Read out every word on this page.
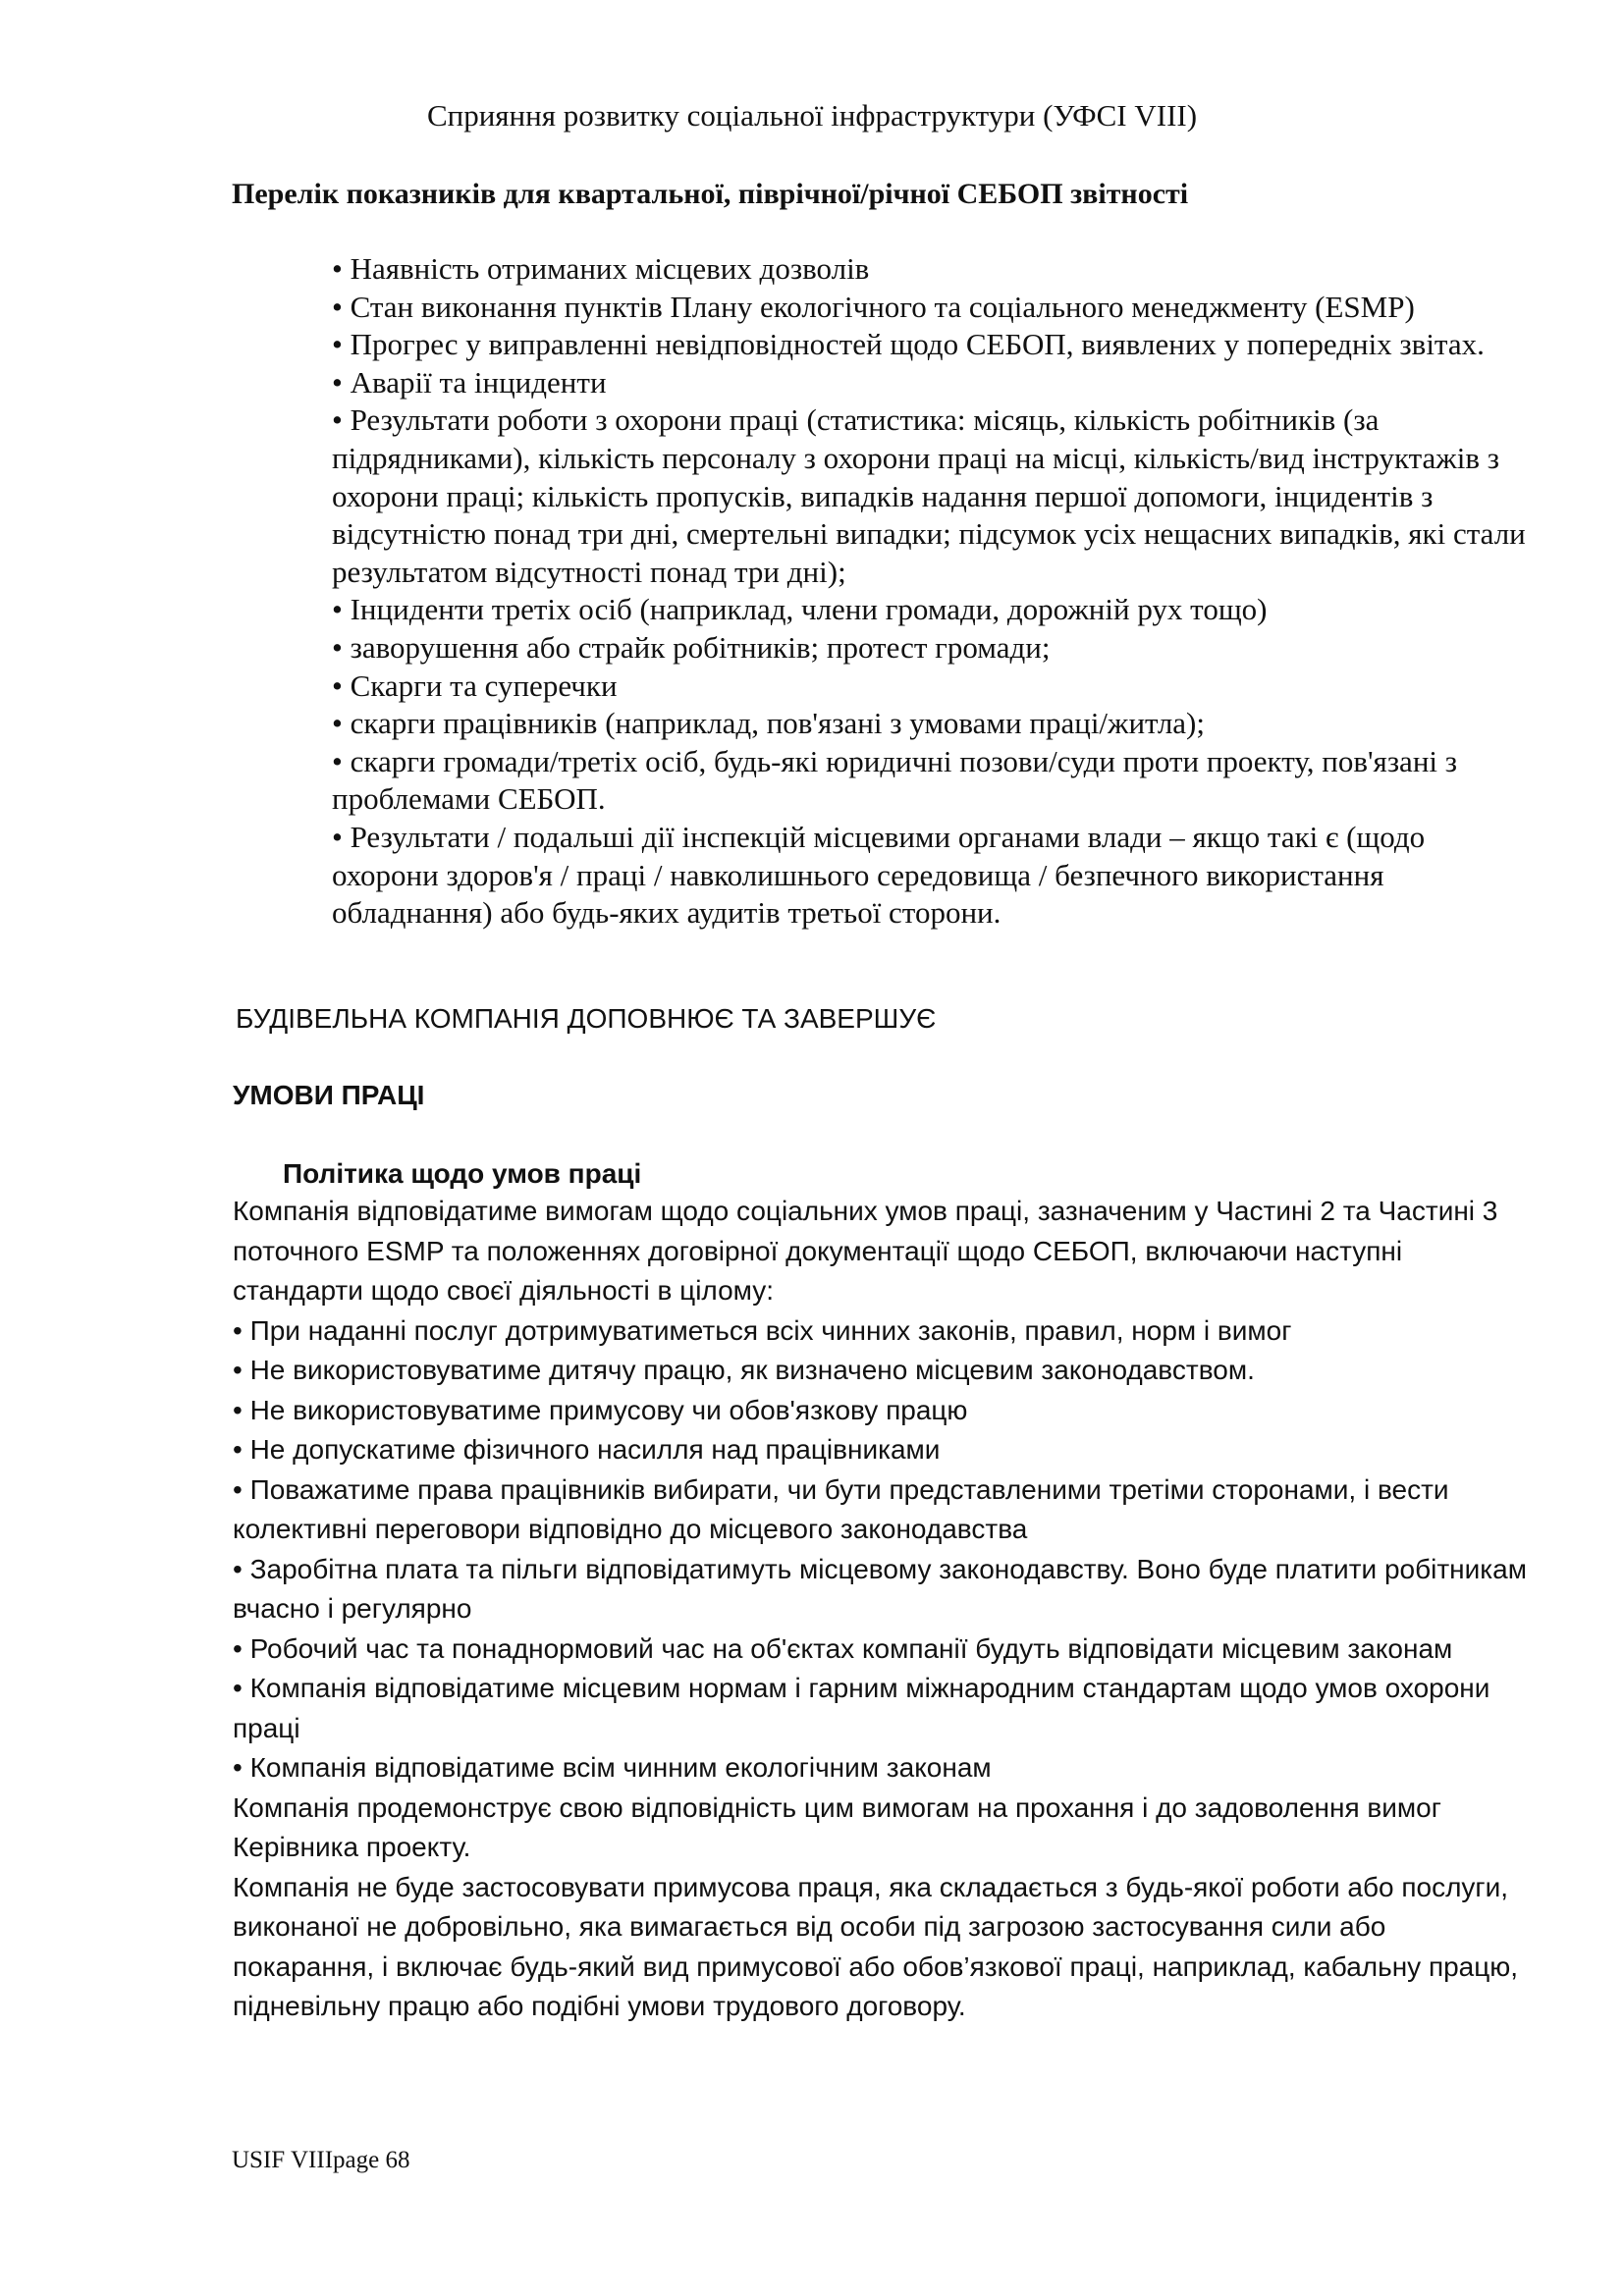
Сприяння розвитку соціальної інфраструктури (УФСІ VIII)
Перелік показників для квартальної, піврічної/річної СЕБОП звітності

• Наявність отриманих місцевих дозволів

• Стан виконання пунктів Плану екологічного та соціального менеджменту (ESMP)

• Прогрес у виправленні невідповідностей щодо СЕБОП, виявлених у попередніх звітах.

• Аварії та інциденти

• Результати роботи з охорони праці (статистика: місяць, кількість робітників (за підрядниками), кількість персоналу з охорони праці на місці, кількість/вид інструктажів з охорони праці; кількість пропусків, випадків надання першої допомоги, інцидентів з відсутністю понад три дні, смертельні випадки; підсумок усіх нещасних випадків, які стали результатом відсутності понад три дні);

• Інциденти третіх осіб (наприклад, члени громади, дорожній рух тощо)

• заворушення або страйк робітників; протест громади;

• Скарги та суперечки

• скарги працівників (наприклад, пов'язані з умовами праці/житла);

• скарги громади/третіх осіб, будь-які юридичні позови/суди проти проекту, пов'язані з проблемами СЕБОП.

• Результати / подальші дії інспекцій місцевими органами влади – якщо такі є (щодо охорони здоров'я / праці / навколишнього середовища / безпечного використання обладнання) або будь-яких аудитів третьої сторони.

БУДІВЕЛЬНА КОМПАНІЯ ДОПОВНЮЄ ТА ЗАВЕРШУЄ
УМОВИ ПРАЦІ
Політика щодо умов праці

Компанія відповідатиме вимогам щодо соціальних умов праці, зазначеним у Частині 2 та Частині 3 поточного ESMP та положеннях договірної документації щодо СЕБОП, включаючи наступні стандарти щодо своєї діяльності в цілому:

• При наданні послуг дотримуватиметься всіх чинних законів, правил, норм і вимог

• Не використовуватиме дитячу працю, як визначено місцевим законодавством.

• Не використовуватиме примусову чи обов'язкову працю

• Не допускатиме фізичного насилля над працівниками

• Поважатиме права працівників вибирати, чи бути представленими третіми сторонами, і вести колективні переговори відповідно до місцевого законодавства

• Заробітна плата та пільги відповідатимуть місцевому законодавству. Воно буде платити робітникам вчасно і регулярно

• Робочий час та понаднормовий час на об'єктах компанії будуть відповідати місцевим законам

• Компанія відповідатиме місцевим нормам і гарним міжнародним стандартам щодо умов охорони праці

• Компанія відповідатиме всім чинним екологічним законам

Компанія продемонструє свою відповідність цим вимогам на прохання і до задоволення вимог Керівника проекту.

Компанія не буде застосовувати примусова праця, яка складається з будь-якої роботи або послуги, виконаної не добровільно, яка вимагається від особи під загрозою застосування сили або покарання, і включає будь-який вид примусової або обов’язкової праці, наприклад, кабальну працю, підневільну працю або подібні умови трудового договору.

USIF VIIIpage 68
